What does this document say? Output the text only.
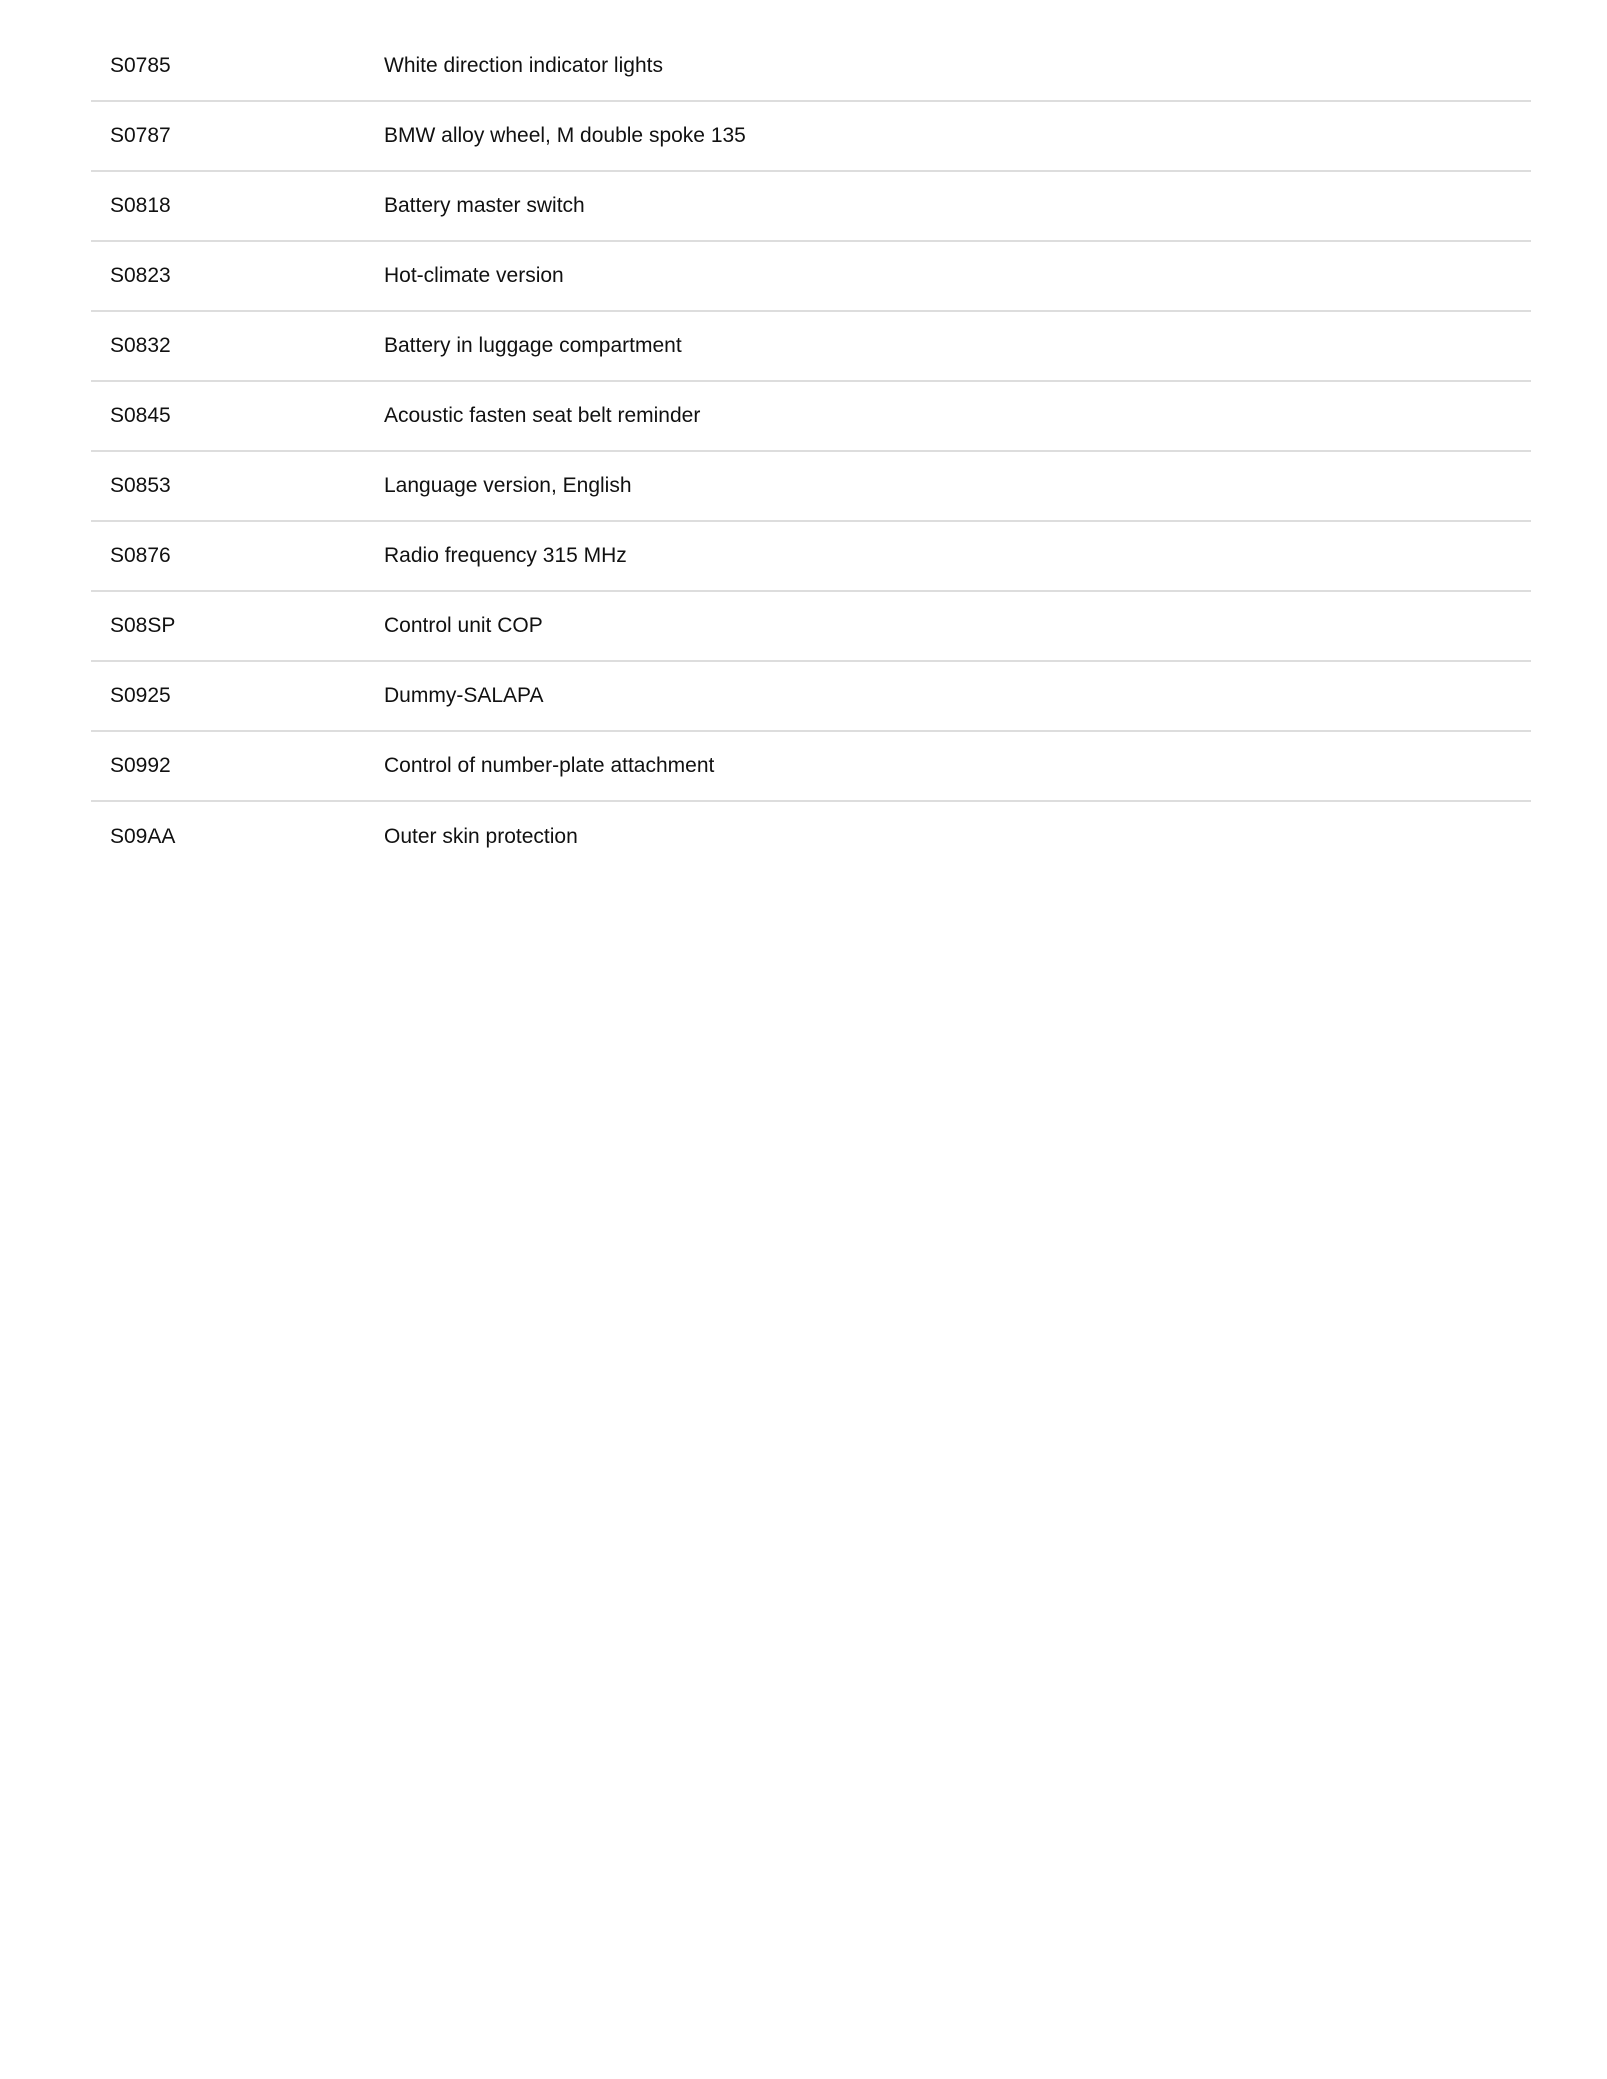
S0785	White direction indicator lights
S0787	BMW alloy wheel, M double spoke 135
S0818	Battery master switch
S0823	Hot-climate version
S0832	Battery in luggage compartment
S0845	Acoustic fasten seat belt reminder
S0853	Language version, English
S0876	Radio frequency 315 MHz
S08SP	Control unit COP
S0925	Dummy-SALAPA
S0992	Control of number-plate attachment
S09AA	Outer skin protection
